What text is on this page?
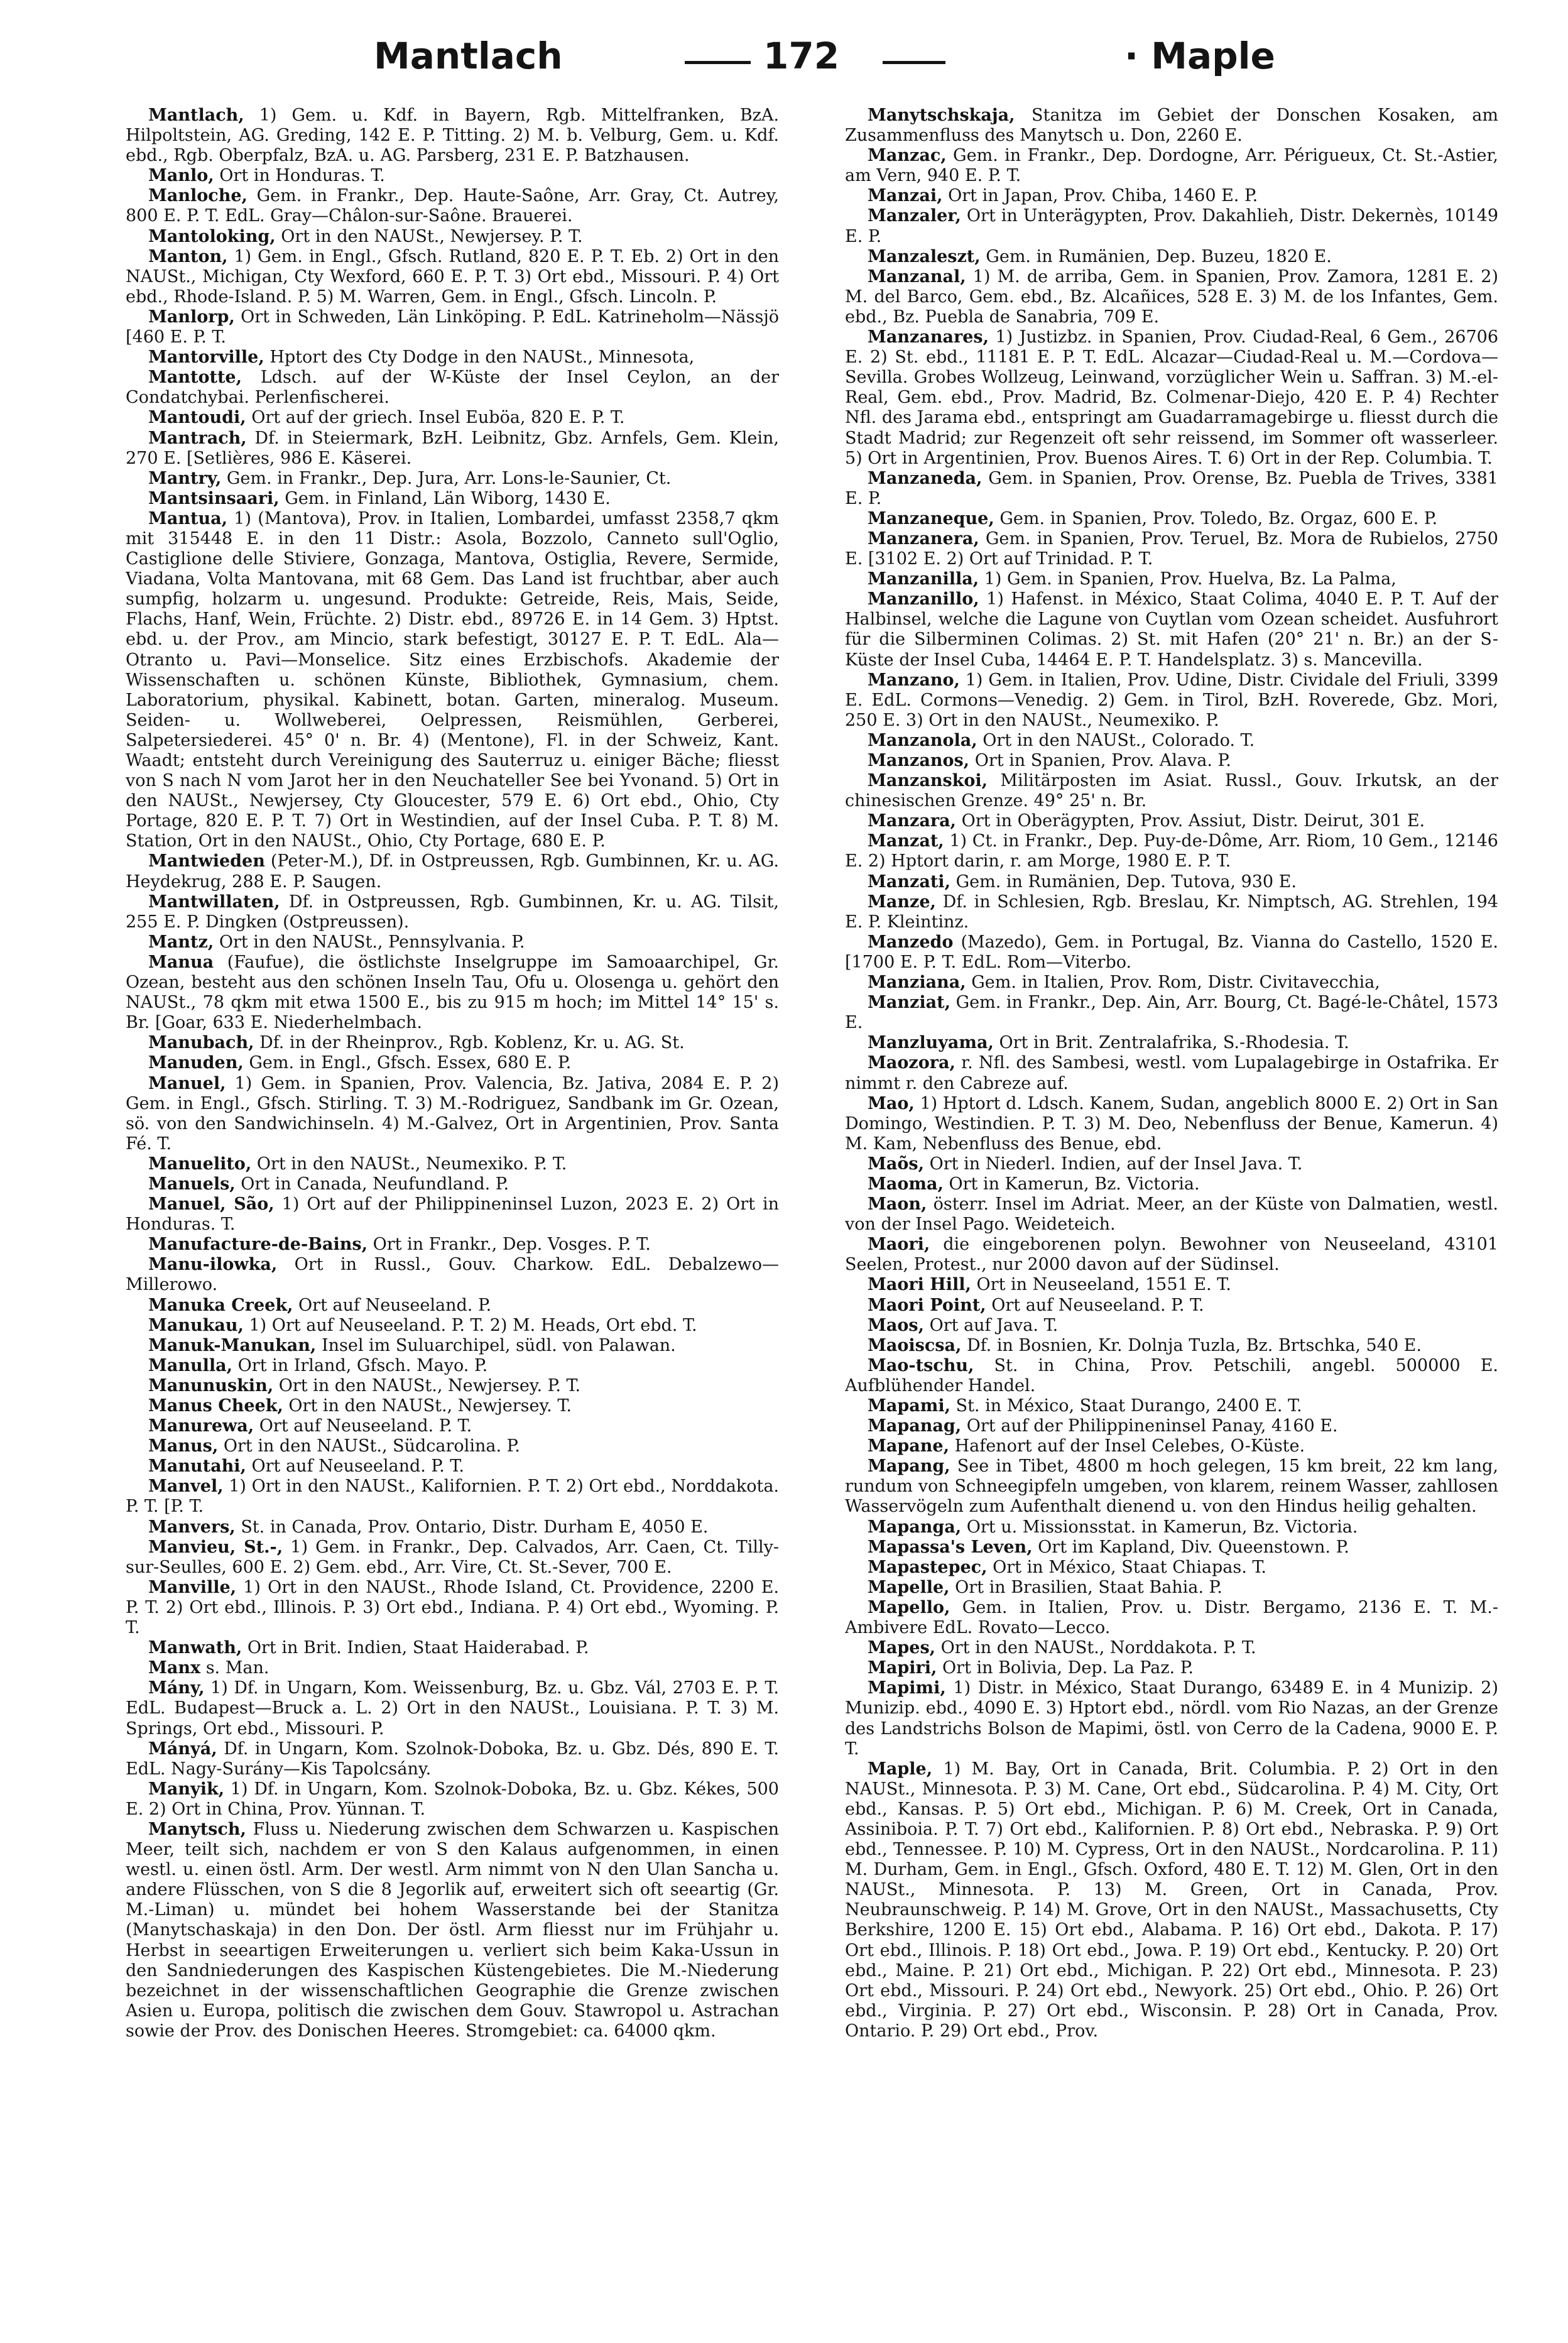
Mantlach	172	· Maple

Mantlach, 1) Gem. u. Kdf. in Bayern, Rgb. Mittelfranken, BzA. Hilpoltstein, AG. Greding, 142 E. P. Titting. 2) M. b. Velburg, Gem. u. Kdf. ebd., Rgb. Oberpfalz, BzA. u. AG. Parsberg, 231 E. P. Batzhausen.

Manlo, Ort in Honduras. T.

Manloche, Gem. in Frankr., Dep. Haute-Saône, Arr. Gray, Ct. Autrey, 800 E. P. T. EdL. Gray—Châlon-sur-Saône. Brauerei.

Mantoloking, Ort in den NAUSt., Newjersey. P. T.

Manton, 1) Gem. in Engl., Gfsch. Rutland, 820 E. P. T. Eb. 2) Ort in den NAUSt., Michigan, Cty Wexford, 660 E. P. T. 3) Ort ebd., Missouri. P. 4) Ort ebd., Rhode-Island. P. 5) M. Warren, Gem. in Engl., Gfsch. Lincoln. P.

Manlorp, Ort in Schweden, Län Linköping. P. EdL. Katrineholm—Nässjö [460 E. P. T.

Mantorville, Hptort des Cty Dodge in den NAUSt., Minnesota,

Mantotte, Ldsch. auf der W-Küste der Insel Ceylon, an der Condatchybai. Perlenfischerei.

Mantoudi, Ort auf der griech. Insel Euböa, 820 E. P. T.

Mantrach, Df. in Steiermark, BzH. Leibnitz, Gbz. Arnfels, Gem. Klein, 270 E. [Setlières, 986 E. Käserei.

Mantry, Gem. in Frankr., Dep. Jura, Arr. Lons-le-Saunier, Ct.

Mantsinsaari, Gem. in Finland, Län Wiborg, 1430 E.

Mantua, 1) (Mantova), Prov. in Italien, Lombardei, umfasst 2358,7 qkm mit 315448 E. in den 11 Distr.: Asola, Bozzolo, Canneto sull'Oglio, Castiglione delle Stiviere, Gonzaga, Mantova, Ostiglia, Revere, Sermide, Viadana, Volta Mantovana, mit 68 Gem. Das Land ist fruchtbar, aber auch sumpfig, holzarm u. ungesund. Produkte: Getreide, Reis, Mais, Seide, Flachs, Hanf, Wein, Früchte. 2) Distr. ebd., 89726 E. in 14 Gem. 3) Hptst. ebd. u. der Prov., am Mincio, stark befestigt, 30127 E. P. T. EdL. Ala—Otranto u. Pavi—Monselice. Sitz eines Erzbischofs. Akademie der Wissenschaften u. schönen Künste, Bibliothek, Gymnasium, chem. Laboratorium, physikal. Kabinett, botan. Garten, mineralog. Museum. Seiden- u. Wollweberei, Oelpressen, Reismühlen, Gerberei, Salpetersiederei. 45° 0' n. Br. 4) (Mentone), Fl. in der Schweiz, Kant. Waadt; entsteht durch Vereinigung des Sauterruz u. einiger Bäche; fliesst von S nach N vom Jarot her in den Neuchateller See bei Yvonand. 5) Ort in den NAUSt., Newjersey, Cty Gloucester, 579 E. 6) Ort ebd., Ohio, Cty Portage, 820 E. P. T. 7) Ort in Westindien, auf der Insel Cuba. P. T. 8) M. Station, Ort in den NAUSt., Ohio, Cty Portage, 680 E. P.

Mantwieden (Peter-M.), Df. in Ostpreussen, Rgb. Gumbinnen, Kr. u. AG. Heydekrug, 288 E. P. Saugen.

Mantwillaten, Df. in Ostpreussen, Rgb. Gumbinnen, Kr. u. AG. Tilsit, 255 E. P. Dingken (Ostpreussen).

Mantz, Ort in den NAUSt., Pennsylvania. P.

Manua (Faufue), die östlichste Inselgruppe im Samoaarchipel, Gr. Ozean, besteht aus den schönen Inseln Tau, Ofu u. Olosenga u. gehört den NAUSt., 78 qkm mit etwa 1500 E., bis zu 915 m hoch; im Mittel 14° 15' s. Br. [Goar, 633 E. Niederhelmbach.

Manubach, Df. in der Rheinprov., Rgb. Koblenz, Kr. u. AG. St.

Manuden, Gem. in Engl., Gfsch. Essex, 680 E. P.

Manuel, 1) Gem. in Spanien, Prov. Valencia, Bz. Jativa, 2084 E. P. 2) Gem. in Engl., Gfsch. Stirling. T. 3) M.-Rodriguez, Sandbank im Gr. Ozean, sö. von den Sandwichinseln. 4) M.-Galvez, Ort in Argentinien, Prov. Santa Fé. T.

Manuelito, Ort in den NAUSt., Neumexiko. P. T.

Manuels, Ort in Canada, Neufundland. P.

Manuel, São, 1) Ort auf der Philippineninsel Luzon, 2023 E. 2) Ort in Honduras. T.

Manufacture-de-Bains, Ort in Frankr., Dep. Vosges. P. T.

Manu-ilowka, Ort in Russl., Gouv. Charkow. EdL. Debalzewo—Millerowo.

Manuka Creek, Ort auf Neuseeland. P.

Manukau, 1) Ort auf Neuseeland. P. T. 2) M. Heads, Ort ebd. T.

Manuk-Manukan, Insel im Suluarchipel, südl. von Palawan.

Manulla, Ort in Irland, Gfsch. Mayo. P.

Manunuskin, Ort in den NAUSt., Newjersey. P. T.

Manus Cheek, Ort in den NAUSt., Newjersey. T.

Manurewa, Ort auf Neuseeland. P. T.

Manus, Ort in den NAUSt., Südcarolina. P.

Manutahi, Ort auf Neuseeland. P. T.

Manvel, 1) Ort in den NAUSt., Kalifornien. P. T. 2) Ort ebd., Norddakota. P. T. [P. T.

Manvers, St. in Canada, Prov. Ontario, Distr. Durham E, 4050 E.

Manvieu, St.-, 1) Gem. in Frankr., Dep. Calvados, Arr. Caen, Ct. Tilly-sur-Seulles, 600 E. 2) Gem. ebd., Arr. Vire, Ct. St.-Sever, 700 E.

Manville, 1) Ort in den NAUSt., Rhode Island, Ct. Providence, 2200 E. P. T. 2) Ort ebd., Illinois. P. 3) Ort ebd., Indiana. P. 4) Ort ebd., Wyoming. P. T.

Manwath, Ort in Brit. Indien, Staat Haiderabad. P.

Manx s. Man.

Mány, 1) Df. in Ungarn, Kom. Weissenburg, Bz. u. Gbz. Vál, 2703 E. P. T. EdL. Budapest—Bruck a. L. 2) Ort in den NAUSt., Louisiana. P. T. 3) M. Springs, Ort ebd., Missouri. P.

Mányá, Df. in Ungarn, Kom. Szolnok-Doboka, Bz. u. Gbz. Dés, 890 E. T. EdL. Nagy-Surány—Kis Tapolcsány.

Manyik, 1) Df. in Ungarn, Kom. Szolnok-Doboka, Bz. u. Gbz. Kékes, 500 E. 2) Ort in China, Prov. Yünnan. T.

Manytsch, Fluss u. Niederung zwischen dem Schwarzen u. Kaspischen Meer, teilt sich, nachdem er von S den Kalaus aufgenommen, in einen westl. u. einen östl. Arm. Der westl. Arm nimmt von N den Ulan Sancha u. andere Flüsschen, von S die 8 Jegorlik auf, erweitert sich oft seeartig (Gr. M.-Liman) u. mündet bei hohem Wasserstande bei der Stanitza (Manytschaskaja) in den Don. Der östl. Arm fliesst nur im Frühjahr u. Herbst in seeartigen Erweiterungen u. verliert sich beim Kaka-Ussun in den Sandniederungen des Kaspischen Küstengebietes. Die M.-Niederung bezeichnet in der wissenschaftlichen Geographie die Grenze zwischen Asien u. Europa, politisch die zwischen dem Gouv. Stawropol u. Astrachan sowie der Prov. des Donischen Heeres. Stromgebiet: ca. 64000 qkm.

Manytschskaja, Stanitza im Gebiet der Donschen Kosaken, am Zusammenfluss des Manytsch u. Don, 2260 E.

Manzac, Gem. in Frankr., Dep. Dordogne, Arr. Périgueux, Ct. St.-Astier, am Vern, 940 E. P. T.

Manzai, Ort in Japan, Prov. Chiba, 1460 E. P.

Manzaler, Ort in Unterägypten, Prov. Dakahlieh, Distr. Dekernès, 10149 E. P.

Manzaleszt, Gem. in Rumänien, Dep. Buzeu, 1820 E.

Manzanal, 1) M. de arriba, Gem. in Spanien, Prov. Zamora, 1281 E. 2) M. del Barco, Gem. ebd., Bz. Alcañices, 528 E. 3) M. de los Infantes, Gem. ebd., Bz. Puebla de Sanabria, 709 E.

Manzanares, 1) Justizbz. in Spanien, Prov. Ciudad-Real, 6 Gem., 26706 E. 2) St. ebd., 11181 E. P. T. EdL. Alcazar—Ciudad-Real u. M.—Cordova—Sevilla. Grobes Wollzeug, Leinwand, vorzüglicher Wein u. Saffran. 3) M.-el-Real, Gem. ebd., Prov. Madrid, Bz. Colmenar-Diejo, 420 E. P. 4) Rechter Nfl. des Jarama ebd., entspringt am Guadarramagebirge u. fliesst durch die Stadt Madrid; zur Regenzeit oft sehr reissend, im Sommer oft wasserleer. 5) Ort in Argentinien, Prov. Buenos Aires. T. 6) Ort in der Rep. Columbia. T.

Manzaneda, Gem. in Spanien, Prov. Orense, Bz. Puebla de Trives, 3381 E. P.

Manzaneque, Gem. in Spanien, Prov. Toledo, Bz. Orgaz, 600 E. P.

Manzanera, Gem. in Spanien, Prov. Teruel, Bz. Mora de Rubielos, 2750 E. [3102 E. 2) Ort auf Trinidad. P. T.

Manzanilla, 1) Gem. in Spanien, Prov. Huelva, Bz. La Palma,

Manzanillo, 1) Hafenst. in México, Staat Colima, 4040 E. P. T. Auf der Halbinsel, welche die Lagune von Cuytlan vom Ozean scheidet. Ausfuhrort für die Silberminen Colimas. 2) St. mit Hafen (20° 21' n. Br.) an der S-Küste der Insel Cuba, 14464 E. P. T. Handelsplatz. 3) s. Mancevilla.

Manzano, 1) Gem. in Italien, Prov. Udine, Distr. Cividale del Friuli, 3399 E. EdL. Cormons—Venedig. 2) Gem. in Tirol, BzH. Roverede, Gbz. Mori, 250 E. 3) Ort in den NAUSt., Neumexiko. P.

Manzanola, Ort in den NAUSt., Colorado. T.

Manzanos, Ort in Spanien, Prov. Alava. P.

Manzanskoi, Militärposten im Asiat. Russl., Gouv. Irkutsk, an der chinesischen Grenze. 49° 25' n. Br.

Manzara, Ort in Oberägypten, Prov. Assiut, Distr. Deirut, 301 E.

Manzat, 1) Ct. in Frankr., Dep. Puy-de-Dôme, Arr. Riom, 10 Gem., 12146 E. 2) Hptort darin, r. am Morge, 1980 E. P. T.

Manzati, Gem. in Rumänien, Dep. Tutova, 930 E.

Manze, Df. in Schlesien, Rgb. Breslau, Kr. Nimptsch, AG. Strehlen, 194 E. P. Kleintinz.

Manzedo (Mazedo), Gem. in Portugal, Bz. Vianna do Castello, 1520 E. [1700 E. P. T. EdL. Rom—Viterbo.

Manziana, Gem. in Italien, Prov. Rom, Distr. Civitavecchia,

Manziat, Gem. in Frankr., Dep. Ain, Arr. Bourg, Ct. Bagé-le-Châtel, 1573 E.

Manzluyama, Ort in Brit. Zentralafrika, S.-Rhodesia. T.

Maozora, r. Nfl. des Sambesi, westl. vom Lupalagebirge in Ostafrika. Er nimmt r. den Cabreze auf.

Mao, 1) Hptort d. Ldsch. Kanem, Sudan, angeblich 8000 E. 2) Ort in San Domingo, Westindien. P. T. 3) M. Deo, Nebenfluss der Benue, Kamerun. 4) M. Kam, Nebenfluss des Benue, ebd.

Maõs, Ort in Niederl. Indien, auf der Insel Java. T.

Maoma, Ort in Kamerun, Bz. Victoria.

Maon, österr. Insel im Adriat. Meer, an der Küste von Dalmatien, westl. von der Insel Pago. Weideteich.

Maori, die eingeborenen polyn. Bewohner von Neuseeland, 43101 Seelen, Protest., nur 2000 davon auf der Südinsel.

Maori Hill, Ort in Neuseeland, 1551 E. T.

Maori Point, Ort auf Neuseeland. P. T.

Maos, Ort auf Java. T.

Maoiscsa, Df. in Bosnien, Kr. Dolnja Tuzla, Bz. Brtschka, 540 E.

Mao-tschu, St. in China, Prov. Petschili, angebl. 500000 E. Aufblühender Handel.

Mapami, St. in México, Staat Durango, 2400 E. T.

Mapanag, Ort auf der Philippineninsel Panay, 4160 E.

Mapane, Hafenort auf der Insel Celebes, O-Küste.

Mapang, See in Tibet, 4800 m hoch gelegen, 15 km breit, 22 km lang, rundum von Schneegipfeln umgeben, von klarem, reinem Wasser, zahllosen Wasservögeln zum Aufenthalt dienend u. von den Hindus heilig gehalten.

Mapanga, Ort u. Missionsstat. in Kamerun, Bz. Victoria.

Mapassa's Leven, Ort im Kapland, Div. Queenstown. P.

Mapastepec, Ort in México, Staat Chiapas. T.

Mapelle, Ort in Brasilien, Staat Bahia. P.

Mapello, Gem. in Italien, Prov. u. Distr. Bergamo, 2136 E. T. M.-Ambivere EdL. Rovato—Lecco.

Mapes, Ort in den NAUSt., Norddakota. P. T.

Mapiri, Ort in Bolivia, Dep. La Paz. P.

Mapimi, 1) Distr. in México, Staat Durango, 63489 E. in 4 Munizip. 2) Munizip. ebd., 4090 E. 3) Hptort ebd., nördl. vom Rio Nazas, an der Grenze des Landstrichs Bolson de Mapimi, östl. von Cerro de la Cadena, 9000 E. P. T.

Maple, 1) M. Bay, Ort in Canada, Brit. Columbia. P. 2) Ort in den NAUSt., Minnesota. P. 3) M. Cane, Ort ebd., Südcarolina. P. 4) M. City, Ort ebd., Kansas. P. 5) Ort ebd., Michigan. P. 6) M. Creek, Ort in Canada, Assiniboia. P. T. 7) Ort ebd., Kalifornien. P. 8) Ort ebd., Nebraska. P. 9) Ort ebd., Tennessee. P. 10) M. Cypress, Ort in den NAUSt., Nordcarolina. P. 11) M. Durham, Gem. in Engl., Gfsch. Oxford, 480 E. T. 12) M. Glen, Ort in den NAUSt., Minnesota. P. 13) M. Green, Ort in Canada, Prov. Neubraunschweig. P. 14) M. Grove, Ort in den NAUSt., Massachusetts, Cty Berkshire, 1200 E. 15) Ort ebd., Alabama. P. 16) Ort ebd., Dakota. P. 17) Ort ebd., Illinois. P. 18) Ort ebd., Jowa. P. 19) Ort ebd., Kentucky. P. 20) Ort ebd., Maine. P. 21) Ort ebd., Michigan. P. 22) Ort ebd., Minnesota. P. 23) Ort ebd., Missouri. P. 24) Ort ebd., Newyork. 25) Ort ebd., Ohio. P. 26) Ort ebd., Virginia. P. 27) Ort ebd., Wisconsin. P. 28) Ort in Canada, Prov. Ontario. P. 29) Ort ebd., Prov.
